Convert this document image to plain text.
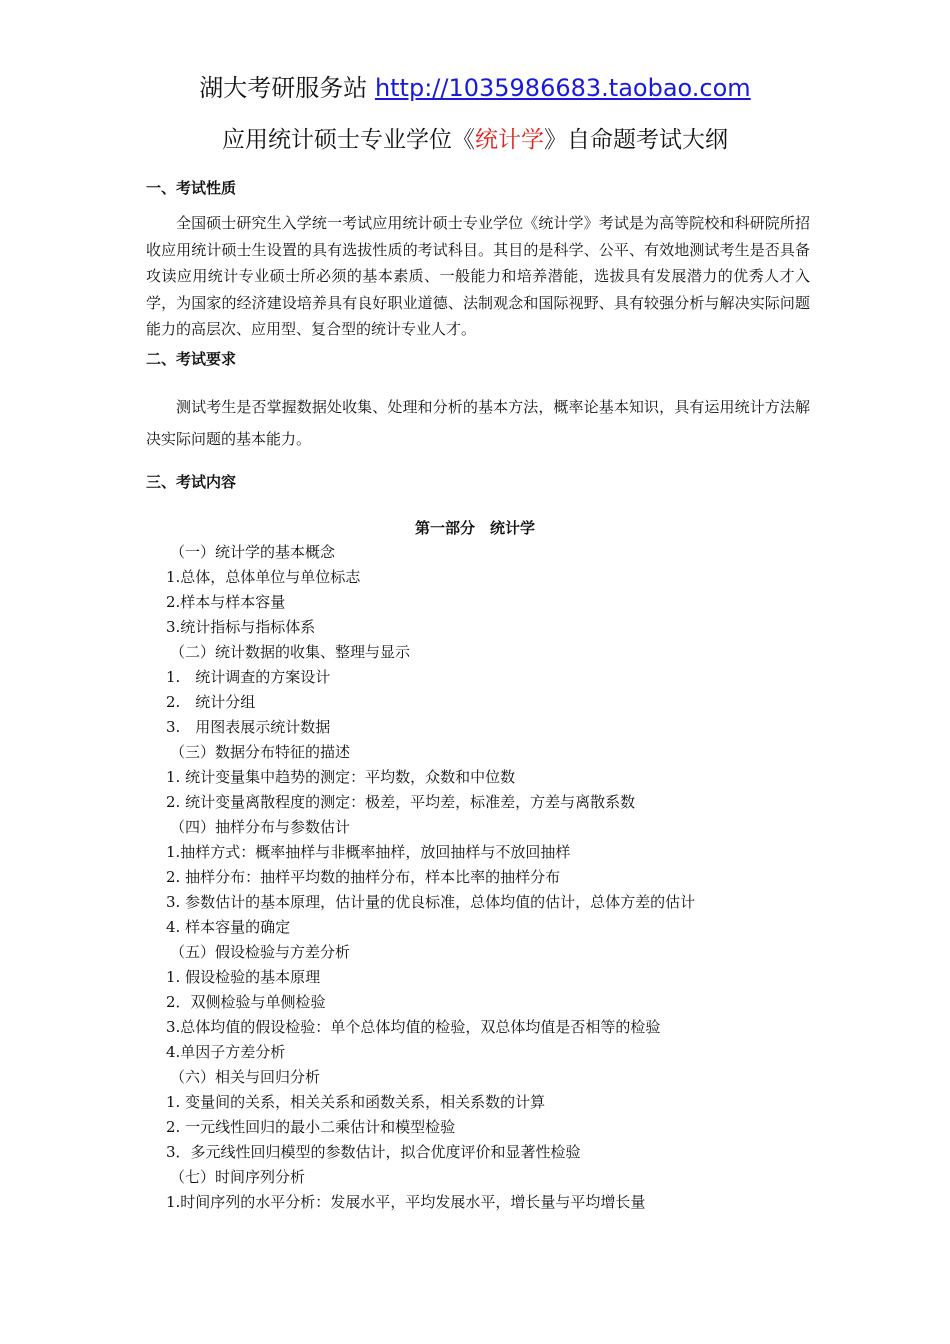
湖大考研服务站 http://1035986683.taobao.com
应用统计硕士专业学位《统计学》自命题考试大纲
一、考试性质
全国硕士研究生入学统一考试应用统计硕士专业学位《统计学》考试是为高等院校和科研院所招收应用统计硕士生设置的具有选拔性质的考试科目。其目的是科学、公平、有效地测试考生是否具备攻读应用统计专业硕士所必须的基本素质、一般能力和培养潜能，选拔具有发展潜力的优秀人才入学，为国家的经济建设培养具有良好职业道德、法制观念和国际视野、具有较强分析与解决实际问题能力的高层次、应用型、复合型的统计专业人才。
二、考试要求
测试考生是否掌握数据处收集、处理和分析的基本方法，概率论基本知识，具有运用统计方法解决实际问题的基本能力。
三、考试内容
第一部分　统计学
（一）统计学的基本概念
1.总体，总体单位与单位标志
2.样本与样本容量
3.统计指标与指标体系
（二）统计数据的收集、整理与显示
1.　统计调查的方案设计
2.　统计分组
3.　用图表展示统计数据
（三）数据分布特征的描述
1. 统计变量集中趋势的测定：平均数，众数和中位数
2. 统计变量离散程度的测定：极差，平均差，标准差，方差与离散系数
（四）抽样分布与参数估计
1.抽样方式：概率抽样与非概率抽样，放回抽样与不放回抽样
2. 抽样分布：抽样平均数的抽样分布，样本比率的抽样分布
3. 参数估计的基本原理，估计量的优良标准，总体均值的估计，总体方差的估计
4. 样本容量的确定
（五）假设检验与方差分析
1. 假设检验的基本原理
2．双侧检验与单侧检验
3.总体均值的假设检验：单个总体均值的检验，双总体均值是否相等的检验
4.单因子方差分析
（六）相关与回归分析
1. 变量间的关系，相关关系和函数关系，相关系数的计算
2. 一元线性回归的最小二乘估计和模型检验
3．多元线性回归模型的参数估计，拟合优度评价和显著性检验
（七）时间序列分析
1.时间序列的水平分析：发展水平，平均发展水平，增长量与平均增长量
